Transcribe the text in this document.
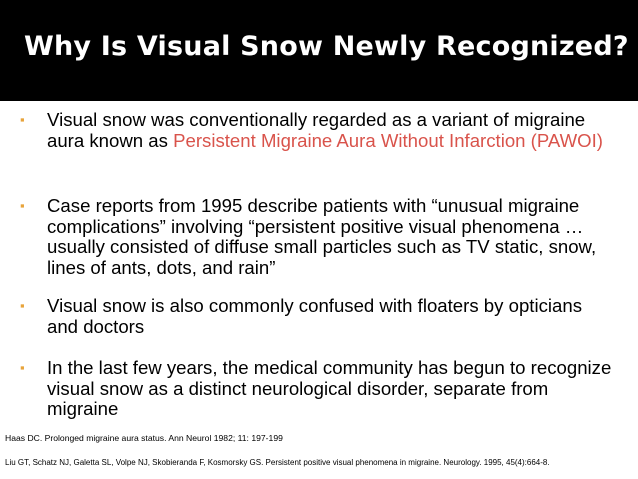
Why Is Visual Snow Newly Recognized?
▪	Visual snow was conventionally regarded as a variant of migraine aura known as Persistent Migraine Aura Without Infarction (PAWOI)
▪	Case reports from 1995 describe patients with “unusual migraine complications” involving “persistent positive visual phenomena …usually consisted of diffuse small particles such as TV static, snow, lines of ants, dots, and rain”
▪	Visual snow is also commonly confused with floaters by opticians and doctors
▪	In the last few years, the medical community has begun to recognize visual snow as a distinct neurological disorder, separate from migraine
Haas DC. Prolonged migraine aura status. Ann Neurol 1982; 11: 197-199
Liu GT, Schatz NJ, Galetta SL, Volpe NJ, Skobieranda F, Kosmorsky GS. Persistent positive visual phenomena in migraine. Neurology. 1995, 45(4):664-8.
